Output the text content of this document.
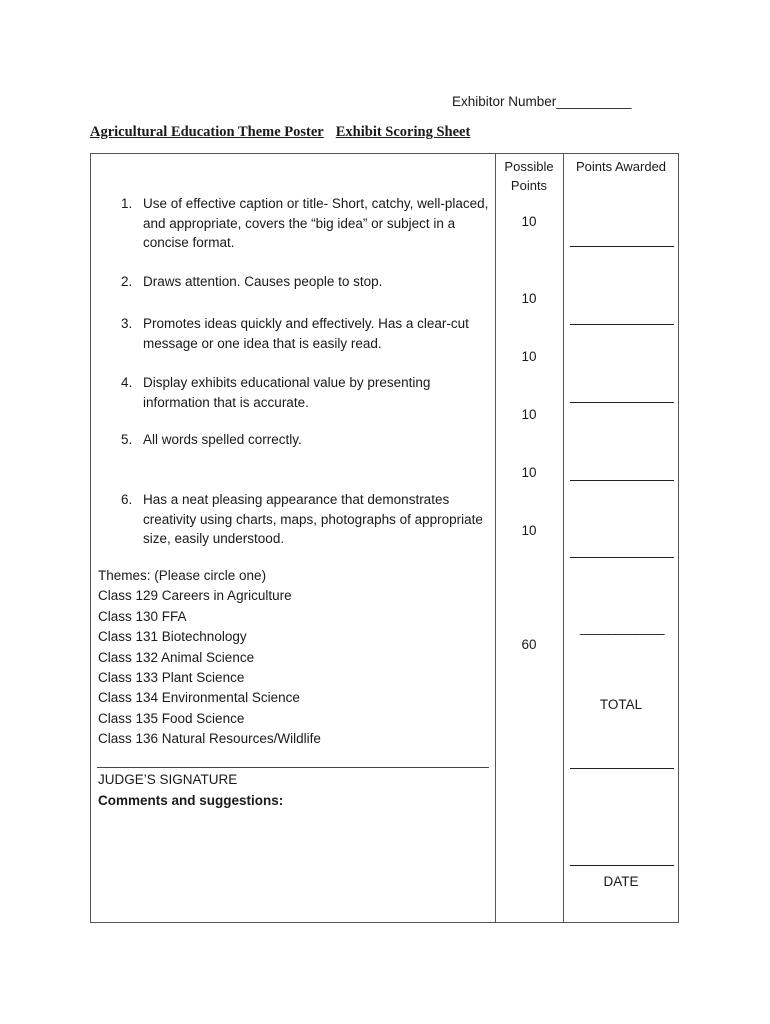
Exhibitor Number__________
Agricultural Education Theme Poster Exhibit Scoring Sheet
Possible Points
Points Awarded
1. Use of effective caption or title- Short, catchy, well-placed, and appropriate, covers the “big idea” or subject in a concise format.
2. Draws attention. Causes people to stop.
3. Promotes ideas quickly and effectively. Has a clear-cut message or one idea that is easily read.
4. Display exhibits educational value by presenting information that is accurate.
5. All words spelled correctly.
6. Has a neat pleasing appearance that demonstrates creativity using charts, maps, photographs of appropriate size, easily understood.
10
10
10
10
10
10
60
____________
TOTAL
DATE
Themes: (Please circle one)
Class 129 Careers in Agriculture
Class 130 FFA
Class 131 Biotechnology
Class 132 Animal Science
Class 133 Plant Science
Class 134 Environmental Science
Class 135 Food Science
Class 136 Natural Resources/Wildlife
JUDGE’S SIGNATURE
Comments and suggestions:
